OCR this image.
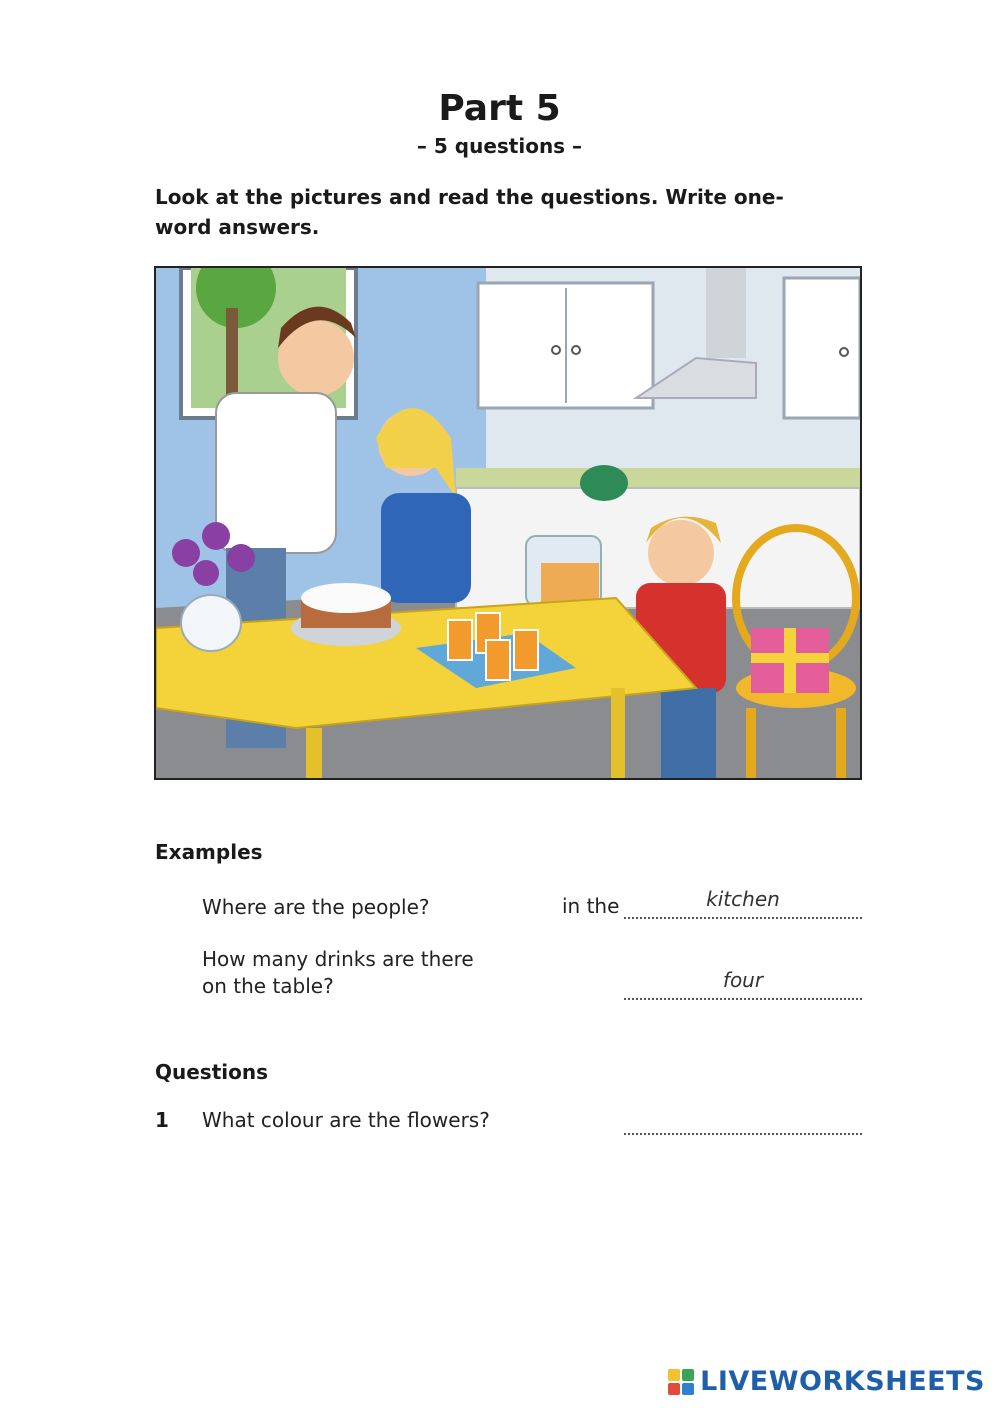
Part 5
– 5 questions –
Look at the pictures and read the questions. Write one-word answers.
Examples
Where are the people?	in the	kitchen
How many drinks are there
on the table?	four
Questions
1 What colour are the flowers?
LIVEWORKSHEETS
